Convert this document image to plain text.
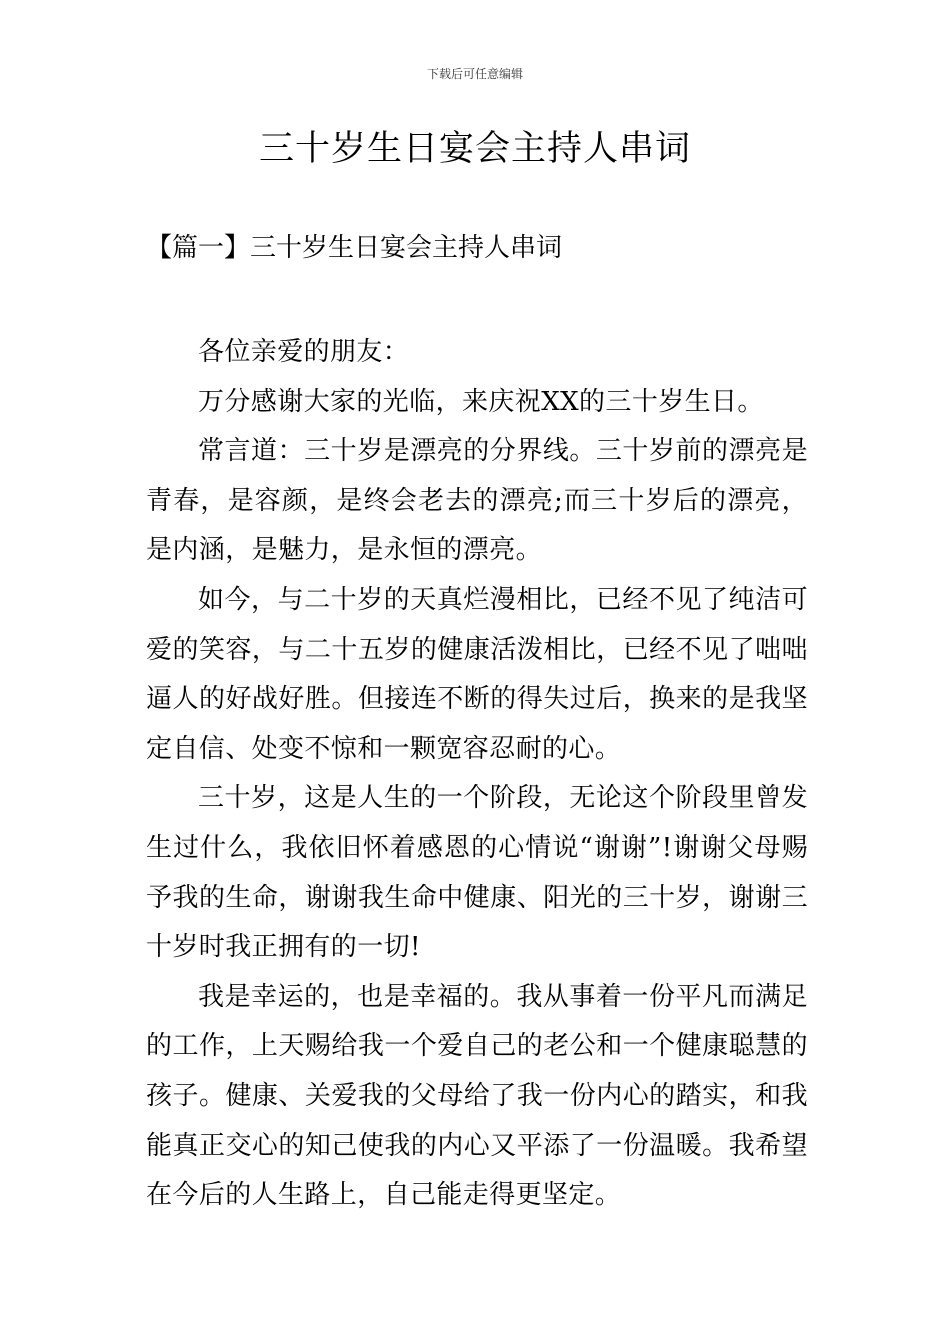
下载后可任意编辑
三十岁生日宴会主持人串词
【篇一】三十岁生日宴会主持人串词

各位亲爱的朋友：

万分感谢大家的光临，来庆祝XX的三十岁生日。

常言道：三十岁是漂亮的分界线。三十岁前的漂亮是青春，是容颜，是终会老去的漂亮;而三十岁后的漂亮，是内涵，是魅力，是永恒的漂亮。

如今，与二十岁的天真烂漫相比，已经不见了纯洁可爱的笑容，与二十五岁的健康活泼相比，已经不见了咄咄逼人的好战好胜。但接连不断的得失过后，换来的是我坚定自信、处变不惊和一颗宽容忍耐的心。

三十岁，这是人生的一个阶段，无论这个阶段里曾发生过什么，我依旧怀着感恩的心情说“谢谢”!谢谢父母赐予我的生命，谢谢我生命中健康、阳光的三十岁，谢谢三十岁时我正拥有的一切!

我是幸运的，也是幸福的。我从事着一份平凡而满足的工作，上天赐给我一个爱自己的老公和一个健康聪慧的孩子。健康、关爱我的父母给了我一份内心的踏实，和我能真正交心的知己使我的内心又平添了一份温暖。我希望在今后的人生路上，自己能走得更坚定。
